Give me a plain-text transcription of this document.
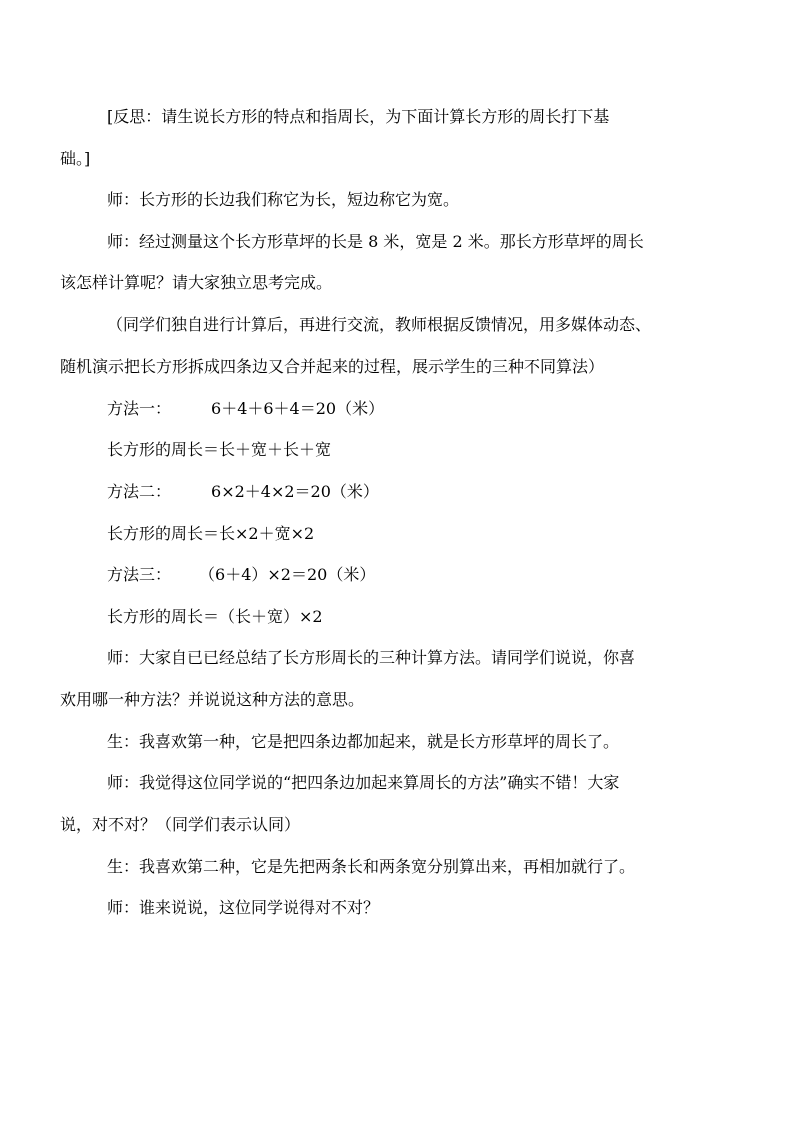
[反思：请生说长方形的特点和指周长，为下面计算长方形的周长打下基
础。]
师：长方形的长边我们称它为长，短边称它为宽。
师：经过测量这个长方形草坪的长是 8 米，宽是 2 米。那长方形草坪的周长
该怎样计算呢？请大家独立思考完成。
（同学们独自进行计算后，再进行交流，教师根据反馈情况，用多媒体动态、
随机演示把长方形拆成四条边又合并起来的过程，展示学生的三种不同算法）
方法一：	6＋4＋6＋4＝20（米）
长方形的周长＝长＋宽＋长＋宽
方法二：	6×2＋4×2＝20（米）
长方形的周长＝长×2＋宽×2
方法三： （6＋4）×2＝20（米）
长方形的周长＝（长＋宽）×2
师：大家自已已经总结了长方形周长的三种计算方法。请同学们说说，你喜
欢用哪一种方法？并说说这种方法的意思。
生：我喜欢第一种，它是把四条边都加起来，就是长方形草坪的周长了。
师：我觉得这位同学说的“把四条边加起来算周长的方法”确实不错！大家
说，对不对？（同学们表示认同）
生：我喜欢第二种，它是先把两条长和两条宽分别算出来，再相加就行了。
师：谁来说说，这位同学说得对不对？
